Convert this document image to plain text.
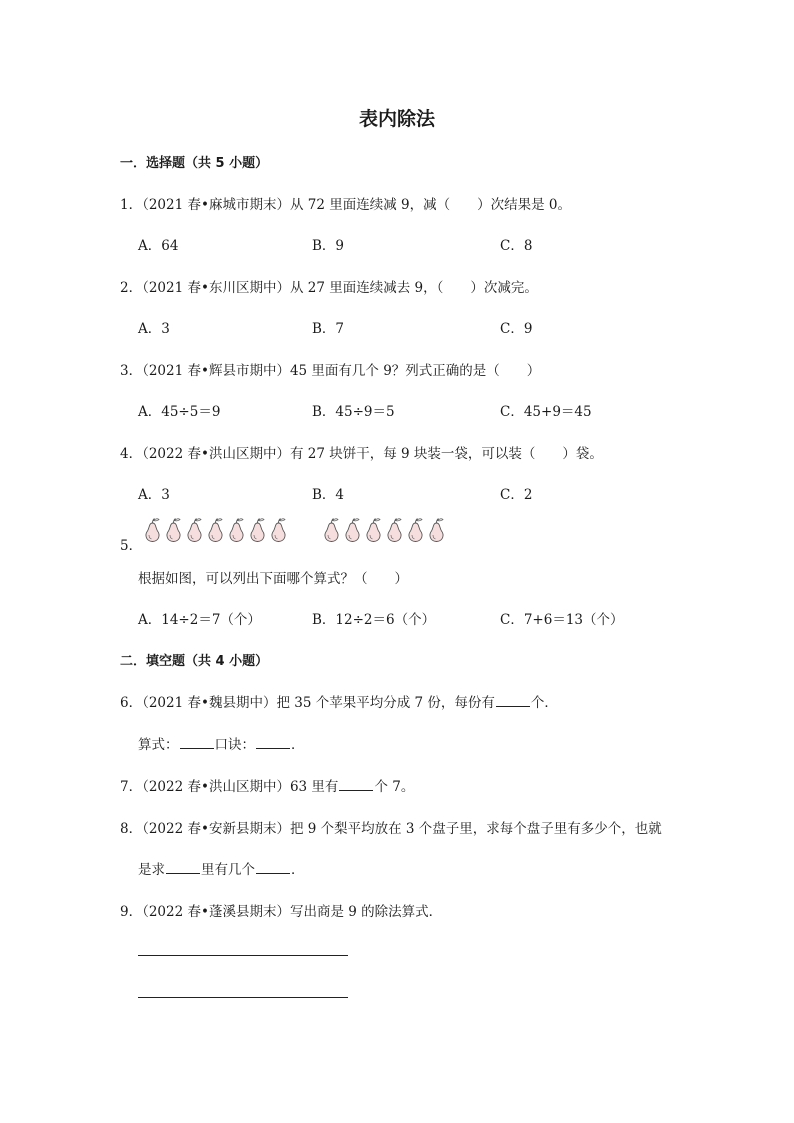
表内除法
一．选择题（共 5 小题）
1．（2021 春•麻城市期末）从 72 里面连续减 9，减（　　）次结果是 0。
A．64	B．9	C．8
2．（2021 春•东川区期中）从 27 里面连续减去 9，（　　）次减完。
A．3	B．7	C．9
3．（2021 春•辉县市期中）45 里面有几个 9？列式正确的是（　　）
A．45÷5＝9	B．45÷9＝5	C．45+9＝45
4．（2022 春•洪山区期中）有 27 块饼干，每 9 块装一袋，可以装（　　）袋。
A．3	B．4	C．2
5．
根据如图，可以列出下面哪个算式？（　　）
A．14÷2＝7（个）	B．12÷2＝6（个）	C．7+6＝13（个）
二．填空题（共 4 小题）
6．（2021 春•魏县期中）把 35 个苹果平均分成 7 份，每份有	个．
算式：	口诀：	．
7．（2022 春•洪山区期中）63 里有	个 7。
8．（2022 春•安新县期末）把 9 个梨平均放在 3 个盘子里，求每个盘子里有多少个，也就
是求	里有几个	．
9．（2022 春•蓬溪县期末）写出商是 9 的除法算式．
